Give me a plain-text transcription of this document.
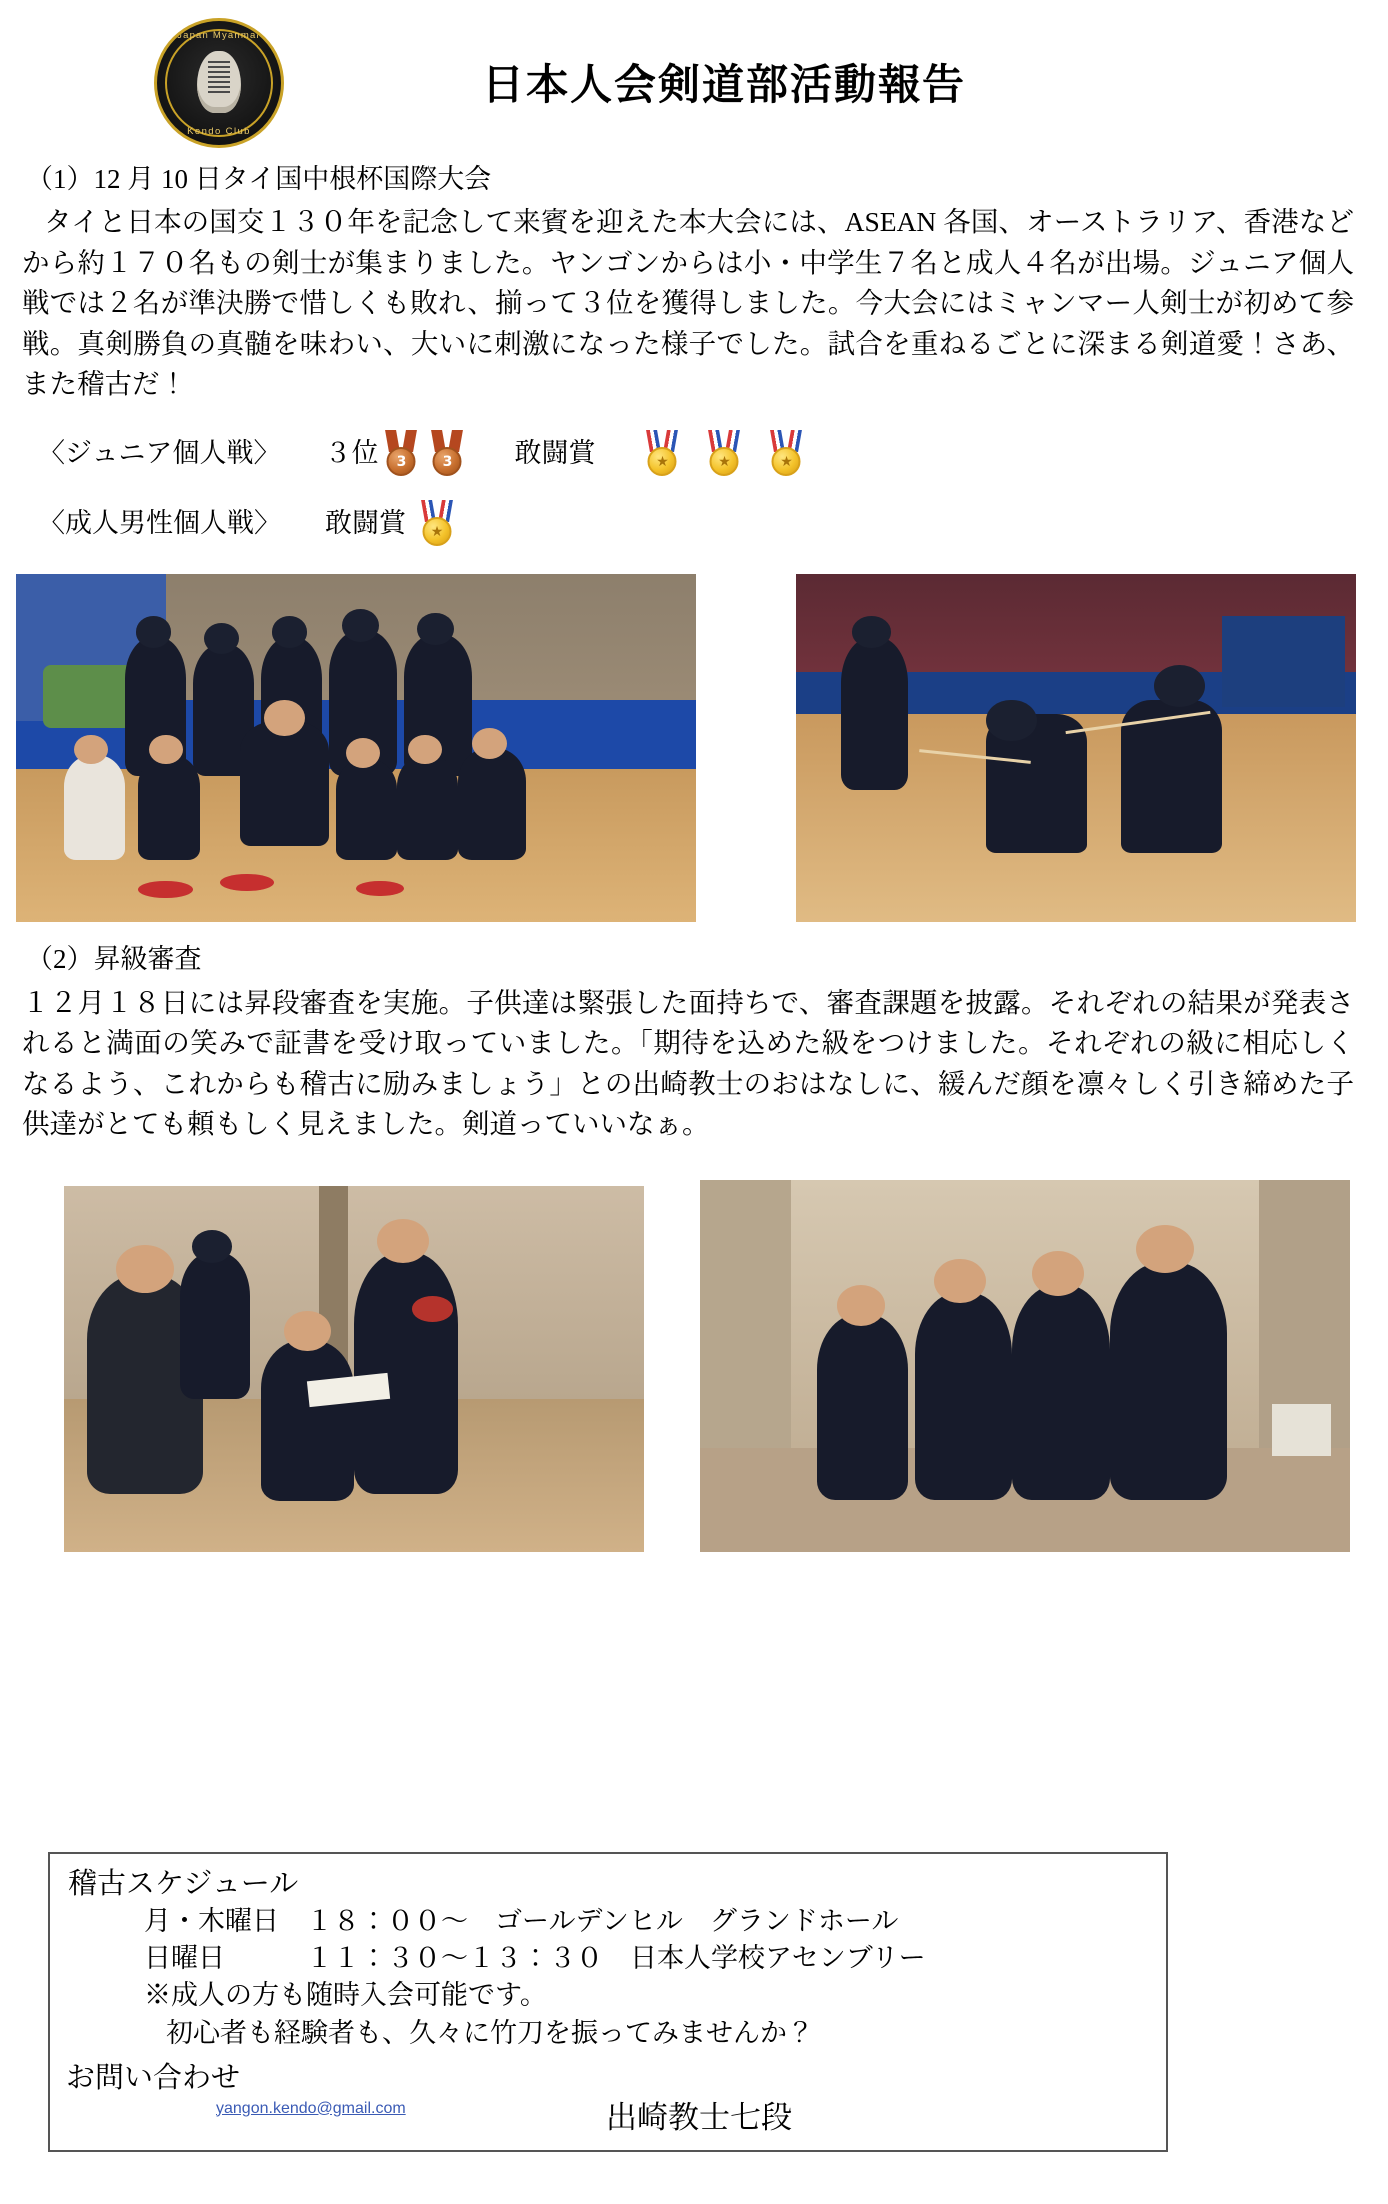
Japan Myanmar
Kendo Club
日本人会剣道部活動報告
（1）12 月 10 日タイ国中根杯国際大会
タイと日本の国交１３０年を記念して来賓を迎えた本大会には、ASEAN 各国、オーストラリア、香港などから約１７０名もの剣士が集まりました。ヤンゴンからは小・中学生７名と成人４名が出場。ジュニア個人戦では２名が準決勝で惜しくも敗れ、揃って３位を獲得しました。今大会にはミャンマー人剣士が初めて参戦。真剣勝負の真髄を味わい、大いに刺激になった様子でした。試合を重ねるごとに深まる剣道愛！さあ、また稽古だ！
〈ジュニア個人戦〉 ３位	3	3	敢闘賞	★	★	★
〈成人男性個人戦〉 敢闘賞	★
（2）昇級審査
１２月１８日には昇段審査を実施。子供達は緊張した面持ちで、審査課題を披露。それぞれの結果が発表されると満面の笑みで証書を受け取っていました。「期待を込めた級をつけました。それぞれの級に相応しくなるよう、これからも稽古に励みましょう」との出崎教士のおはなしに、緩んだ顔を凛々しく引き締めた子供達がとても頼もしく見えました。剣道っていいなぁ。
稽古スケジュール
月・木曜日　１８：００～　ゴールデンヒル　グランドホール
日曜日　　　１１：３０～１３：３０　日本人学校アセンブリー
※成人の方も随時入会可能です。
初心者も経験者も、久々に竹刀を振ってみませんか？
お問い合わせ
yangon.kendo@gmail.com	出崎教士七段
